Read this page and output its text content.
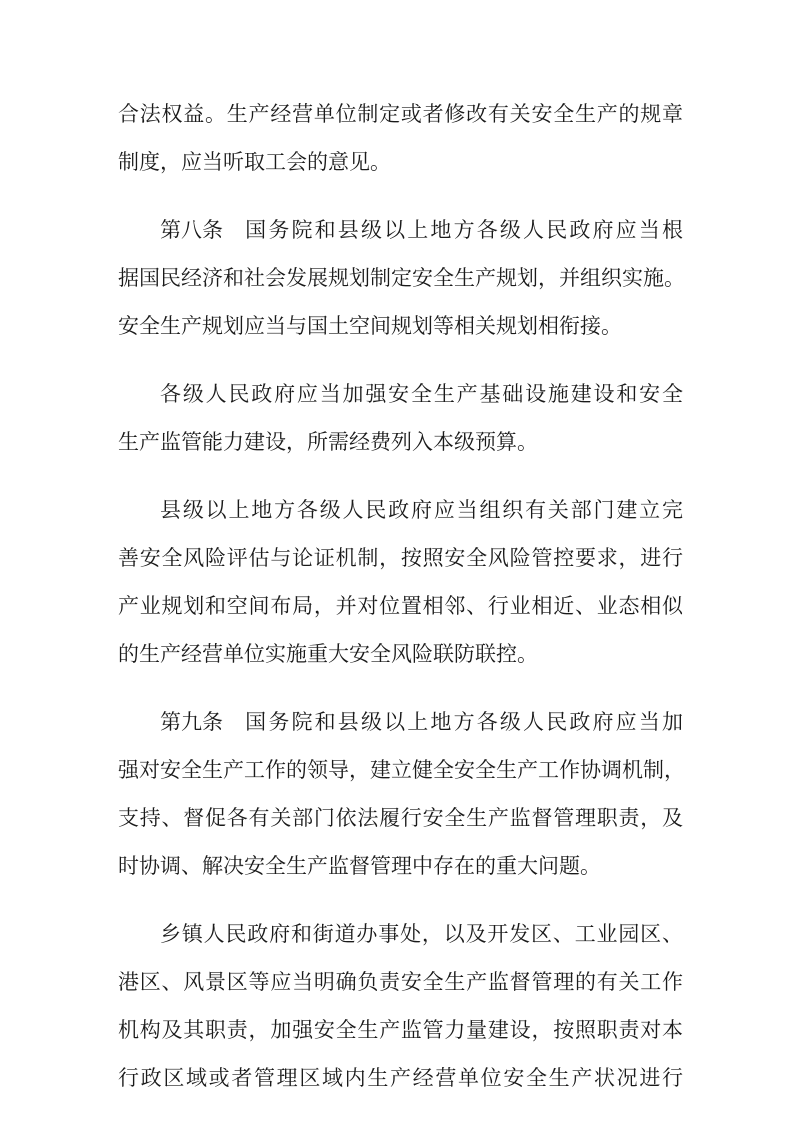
合法权益。生产经营单位制定或者修改有关安全生产的规章
制度，应当听取工会的意见。
第八条 国务院和县级以上地方各级人民政府应当根
据国民经济和社会发展规划制定安全生产规划，并组织实施。
安全生产规划应当与国土空间规划等相关规划相衔接。
各级人民政府应当加强安全生产基础设施建设和安全
生产监管能力建设，所需经费列入本级预算。
县级以上地方各级人民政府应当组织有关部门建立完
善安全风险评估与论证机制，按照安全风险管控要求，进行
产业规划和空间布局，并对位置相邻、行业相近、业态相似
的生产经营单位实施重大安全风险联防联控。
第九条 国务院和县级以上地方各级人民政府应当加
强对安全生产工作的领导，建立健全安全生产工作协调机制，
支持、督促各有关部门依法履行安全生产监督管理职责，及
时协调、解决安全生产监督管理中存在的重大问题。
乡镇人民政府和街道办事处，以及开发区、工业园区、
港区、风景区等应当明确负责安全生产监督管理的有关工作
机构及其职责，加强安全生产监管力量建设，按照职责对本
行政区域或者管理区域内生产经营单位安全生产状况进行
